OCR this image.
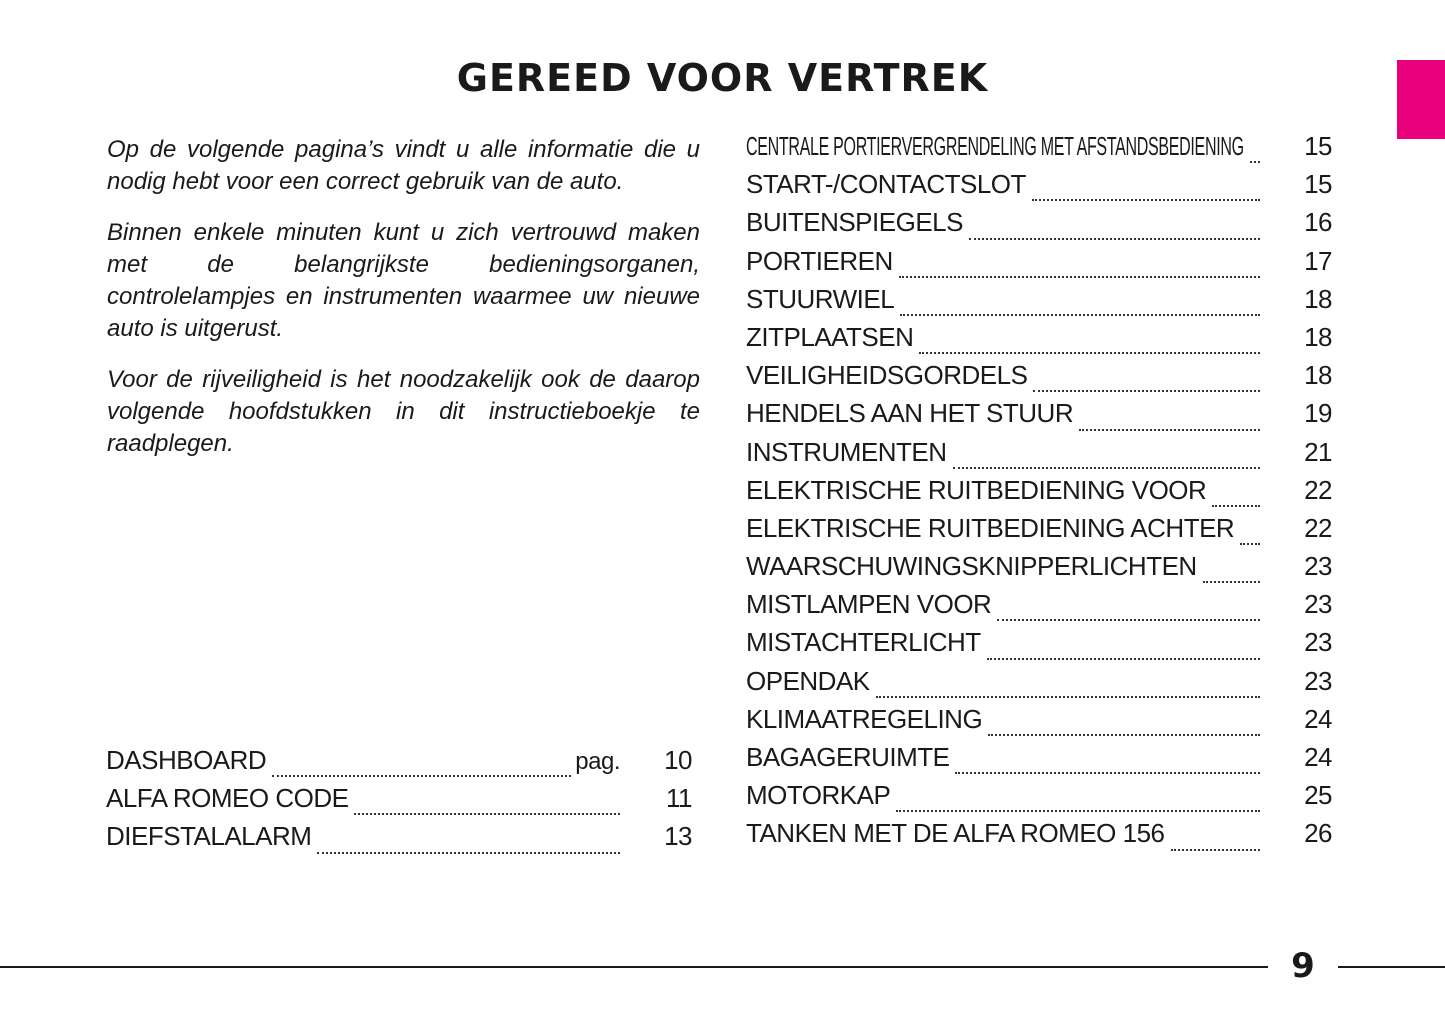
GEREED VOOR VERTREK

Op de volgende pagina’s vindt u alle informatie die u nodig hebt voor een correct gebruik van de auto.

Binnen enkele minuten kunt u zich vertrouwd maken met de belangrijkste bedieningsorganen, controlelampjes en instrumenten waarmee uw nieuwe auto is uitgerust.

Voor de rijveiligheid is het noodzakelijk ook de daarop volgende hoofdstukken in dit instructieboekje te raadplegen.

DASHBOARD	pag.	10
ALFA ROMEO CODE	11
DIEFSTALALARM	13
CENTRALE PORTIERVERGRENDELING MET AFSTANDSBEDIENING	15
START-/CONTACTSLOT	15
BUITENSPIEGELS	16
PORTIEREN	17
STUURWIEL	18
ZITPLAATSEN	18
VEILIGHEIDSGORDELS	18
HENDELS AAN HET STUUR	19
INSTRUMENTEN	21
ELEKTRISCHE RUITBEDIENING VOOR	22
ELEKTRISCHE RUITBEDIENING ACHTER	22
WAARSCHUWINGSKNIPPERLICHTEN	23
MISTLAMPEN VOOR	23
MISTACHTERLICHT	23
OPENDAK	23
KLIMAATREGELING	24
BAGAGERUIMTE	24
MOTORKAP	25
TANKEN MET DE ALFA ROMEO 156	26
9
